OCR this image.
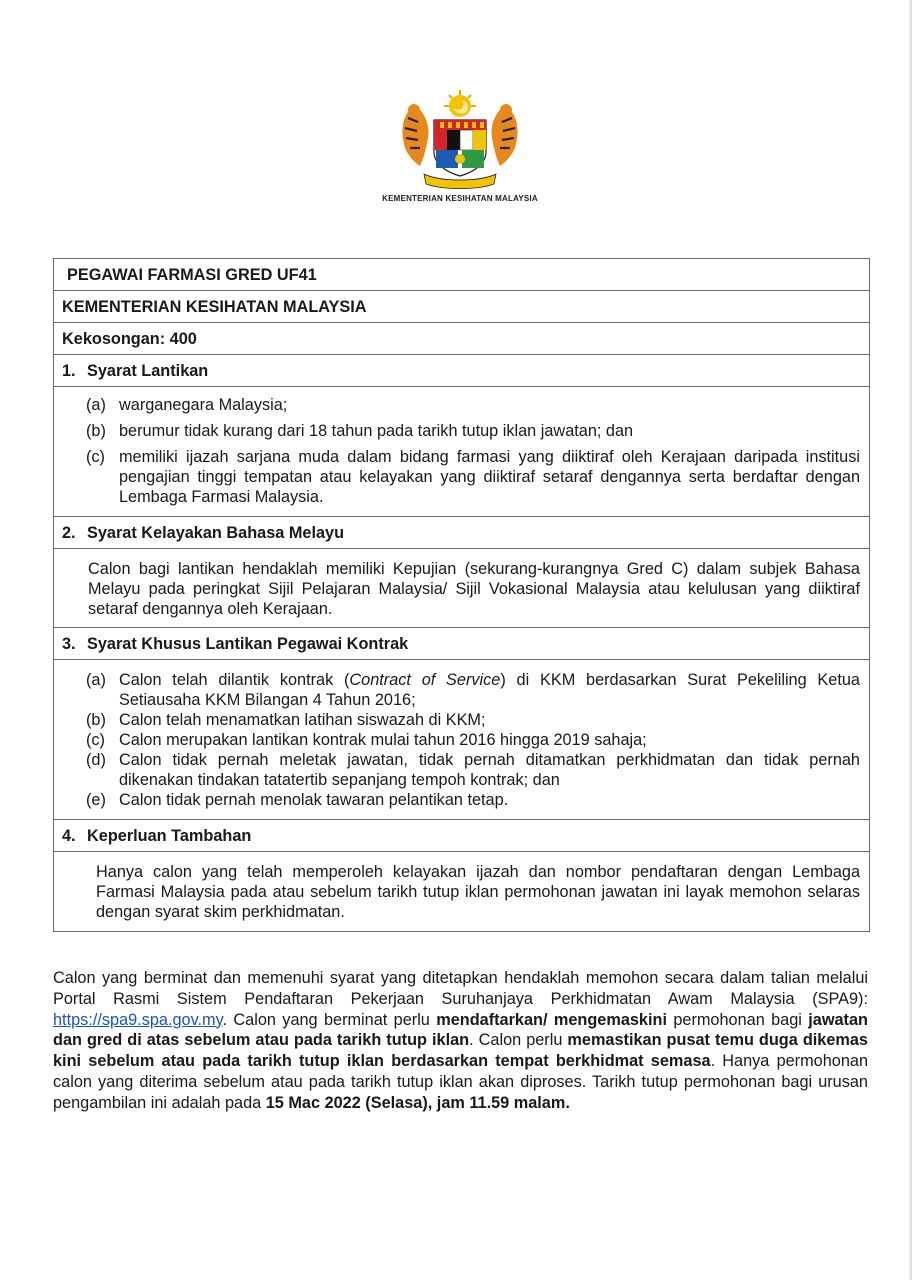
KEMENTERIAN KESIHATAN MALAYSIA
PEGAWAI FARMASI GRED UF41
KEMENTERIAN KESIHATAN MALAYSIA
Kekosongan: 400
1. Syarat Lantikan

(a) warganegara Malaysia;
(b) berumur tidak kurang dari 18 tahun pada tarikh tutup iklan jawatan; dan
(c) memiliki ijazah sarjana muda dalam bidang farmasi yang diiktiraf oleh Kerajaan daripada institusi pengajian tinggi tempatan atau kelayakan yang diiktiraf setaraf dengannya serta berdaftar dengan Lembaga Farmasi Malaysia.

2. Syarat Kelayakan Bahasa Melayu

Calon bagi lantikan hendaklah memiliki Kepujian (sekurang-kurangnya Gred C) dalam subjek Bahasa Melayu pada peringkat Sijil Pelajaran Malaysia/ Sijil Vokasional Malaysia atau kelulusan yang diiktiraf setaraf dengannya oleh Kerajaan.

3. Syarat Khusus Lantikan Pegawai Kontrak

(a) Calon telah dilantik kontrak (Contract of Service) di KKM berdasarkan Surat Pekeliling Ketua Setiausaha KKM Bilangan 4 Tahun 2016;
(b) Calon telah menamatkan latihan siswazah di KKM;
(c) Calon merupakan lantikan kontrak mulai tahun 2016 hingga 2019 sahaja;
(d) Calon tidak pernah meletak jawatan, tidak pernah ditamatkan perkhidmatan dan tidak pernah dikenakan tindakan tatatertib sepanjang tempoh kontrak; dan
(e) Calon tidak pernah menolak tawaran pelantikan tetap.

4. Keperluan Tambahan

Hanya calon yang telah memperoleh kelayakan ijazah dan nombor pendaftaran dengan Lembaga Farmasi Malaysia pada atau sebelum tarikh tutup iklan permohonan jawatan ini layak memohon selaras dengan syarat skim perkhidmatan.
Calon yang berminat dan memenuhi syarat yang ditetapkan hendaklah memohon secara dalam talian melalui Portal Rasmi Sistem Pendaftaran Pekerjaan Suruhanjaya Perkhidmatan Awam Malaysia (SPA9): https://spa9.spa.gov.my. Calon yang berminat perlu mendaftarkan/ mengemaskini permohonan bagi jawatan dan gred di atas sebelum atau pada tarikh tutup iklan. Calon perlu memastikan pusat temu duga dikemas kini sebelum atau pada tarikh tutup iklan berdasarkan tempat berkhidmat semasa. Hanya permohonan calon yang diterima sebelum atau pada tarikh tutup iklan akan diproses. Tarikh tutup permohonan bagi urusan pengambilan ini adalah pada 15 Mac 2022 (Selasa), jam 11.59 malam.
